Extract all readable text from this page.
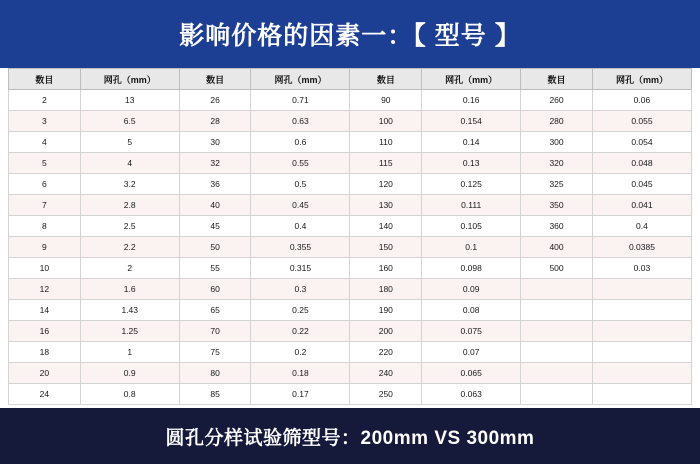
影响价格的因素一：【 型号 】
数目	网孔（mm）	数目	网孔（mm）	数目	网孔（mm）	数目	网孔（mm）
2	13	26	0.71	90	0.16	260	0.06
3	6.5	28	0.63	100	0.154	280	0.055
4	5	30	0.6	110	0.14	300	0.054
5	4	32	0.55	115	0.13	320	0.048
6	3.2	36	0.5	120	0.125	325	0.045
7	2.8	40	0.45	130	0.111	350	0.041
8	2.5	45	0.4	140	0.105	360	0.4
9	2.2	50	0.355	150	0.1	400	0.0385
10	2	55	0.315	160	0.098	500	0.03
12	1.6	60	0.3	180	0.09		
14	1.43	65	0.25	190	0.08		
16	1.25	70	0.22	200	0.075		
18	1	75	0.2	220	0.07		
20	0.9	80	0.18	240	0.065		
24	0.8	85	0.17	250	0.063		
圆孔分样试验筛型号：200mm VS 300mm
